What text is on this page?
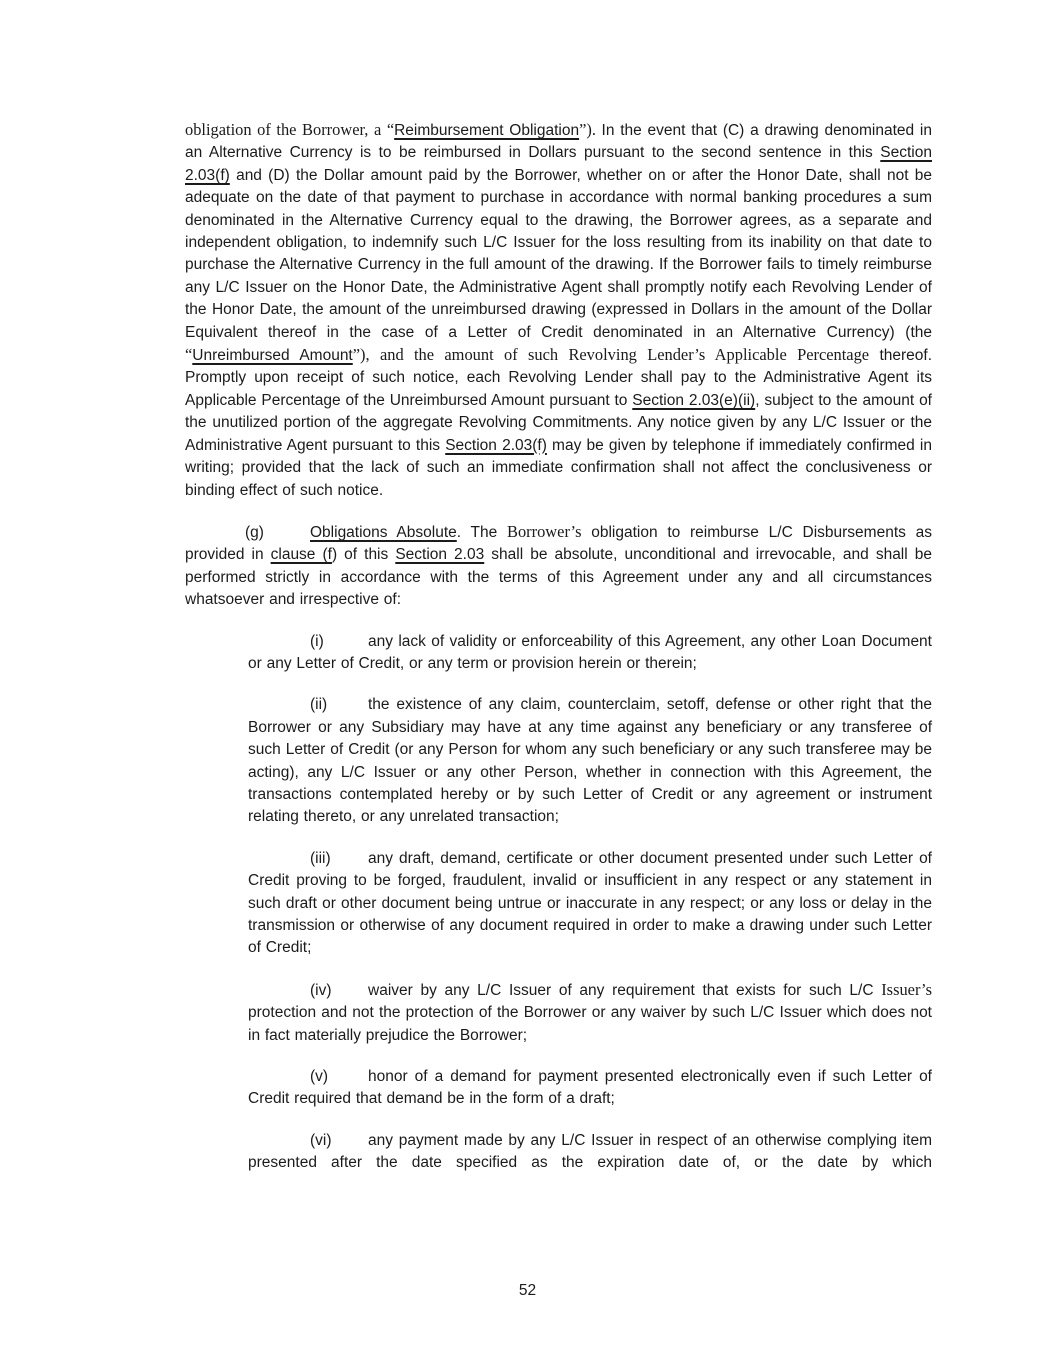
obligation of the Borrower, a “Reimbursement Obligation”). In the event that (C) a drawing denominated in an Alternative Currency is to be reimbursed in Dollars pursuant to the second sentence in this Section 2.03(f) and (D) the Dollar amount paid by the Borrower, whether on or after the Honor Date, shall not be adequate on the date of that payment to purchase in accordance with normal banking procedures a sum denominated in the Alternative Currency equal to the drawing, the Borrower agrees, as a separate and independent obligation, to indemnify such L/C Issuer for the loss resulting from its inability on that date to purchase the Alternative Currency in the full amount of the drawing. If the Borrower fails to timely reimburse any L/C Issuer on the Honor Date, the Administrative Agent shall promptly notify each Revolving Lender of the Honor Date, the amount of the unreimbursed drawing (expressed in Dollars in the amount of the Dollar Equivalent thereof in the case of a Letter of Credit denominated in an Alternative Currency) (the “Unreimbursed Amount”), and the amount of such Revolving Lender’s Applicable Percentage thereof. Promptly upon receipt of such notice, each Revolving Lender shall pay to the Administrative Agent its Applicable Percentage of the Unreimbursed Amount pursuant to Section 2.03(e)(ii), subject to the amount of the unutilized portion of the aggregate Revolving Commitments. Any notice given by any L/C Issuer or the Administrative Agent pursuant to this Section 2.03(f) may be given by telephone if immediately confirmed in writing; provided that the lack of such an immediate confirmation shall not affect the conclusiveness or binding effect of such notice.

(g)	Obligations Absolute. The Borrower’s obligation to reimburse L/C Disbursements as provided in clause (f) of this Section 2.03 shall be absolute, unconditional and irrevocable, and shall be performed strictly in accordance with the terms of this Agreement under any and all circumstances whatsoever and irrespective of:

(i)	any lack of validity or enforceability of this Agreement, any other Loan Document or any Letter of Credit, or any term or provision herein or therein;

(ii)	the existence of any claim, counterclaim, setoff, defense or other right that the Borrower or any Subsidiary may have at any time against any beneficiary or any transferee of such Letter of Credit (or any Person for whom any such beneficiary or any such transferee may be acting), any L/C Issuer or any other Person, whether in connection with this Agreement, the transactions contemplated hereby or by such Letter of Credit or any agreement or instrument relating thereto, or any unrelated transaction;

(iii) any draft, demand, certificate or other document presented under such Letter of Credit proving to be forged, fraudulent, invalid or insufficient in any respect or any statement in such draft or other document being untrue or inaccurate in any respect; or any loss or delay in the transmission or otherwise of any document required in order to make a drawing under such Letter of Credit;

(iv) waiver by any L/C Issuer of any requirement that exists for such L/C Issuer’s protection and not the protection of the Borrower or any waiver by such L/C Issuer which does not in fact materially prejudice the Borrower;

(v)	honor of a demand for payment presented electronically even if such Letter of Credit required that demand be in the form of a draft;

(vi) any payment made by any L/C Issuer in respect of an otherwise complying item presented after the date specified as the expiration date of, or the date by which

52
